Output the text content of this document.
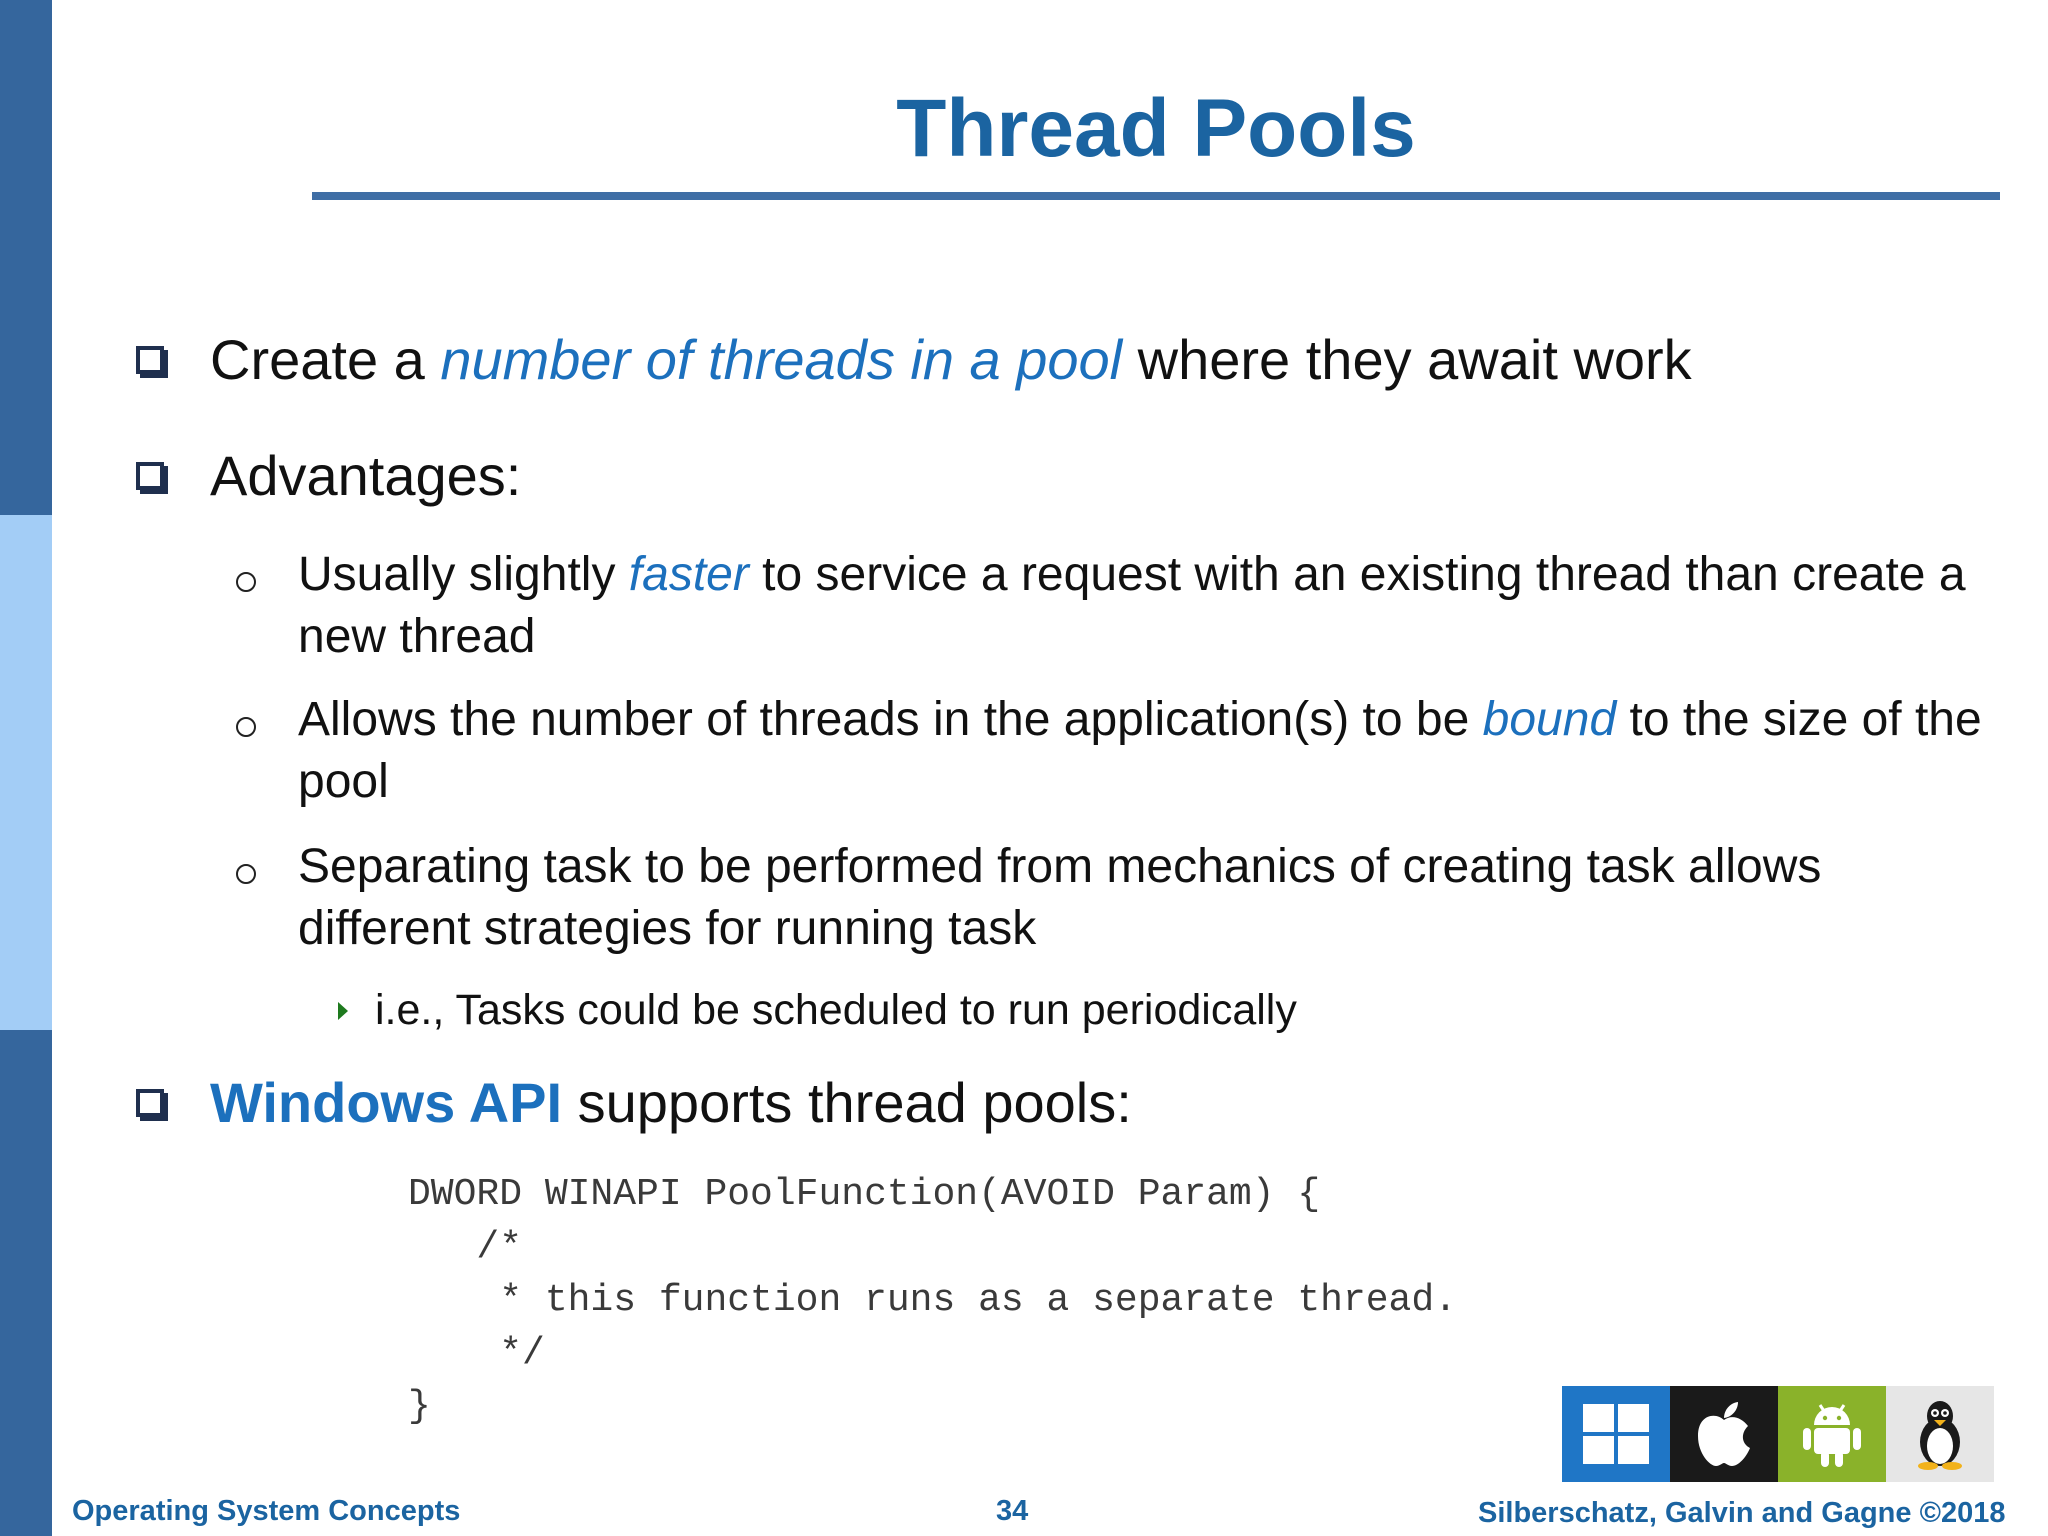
Thread Pools
Create a number of threads in a pool where they await work
Advantages:
Usually slightly faster to service a request with an existing thread than create a new thread
Allows the number of threads in the application(s) to be bound to the size of the pool
Separating task to be performed from mechanics of creating task allows different strategies for running task
i.e., Tasks could be scheduled to run periodically
Windows API supports thread pools:
DWORD WINAPI PoolFunction(AVOID Param) {
/*
* this function runs as a separate thread.
*/
}
Operating System Concepts	34	Silberschatz, Galvin and Gagne ©2018
